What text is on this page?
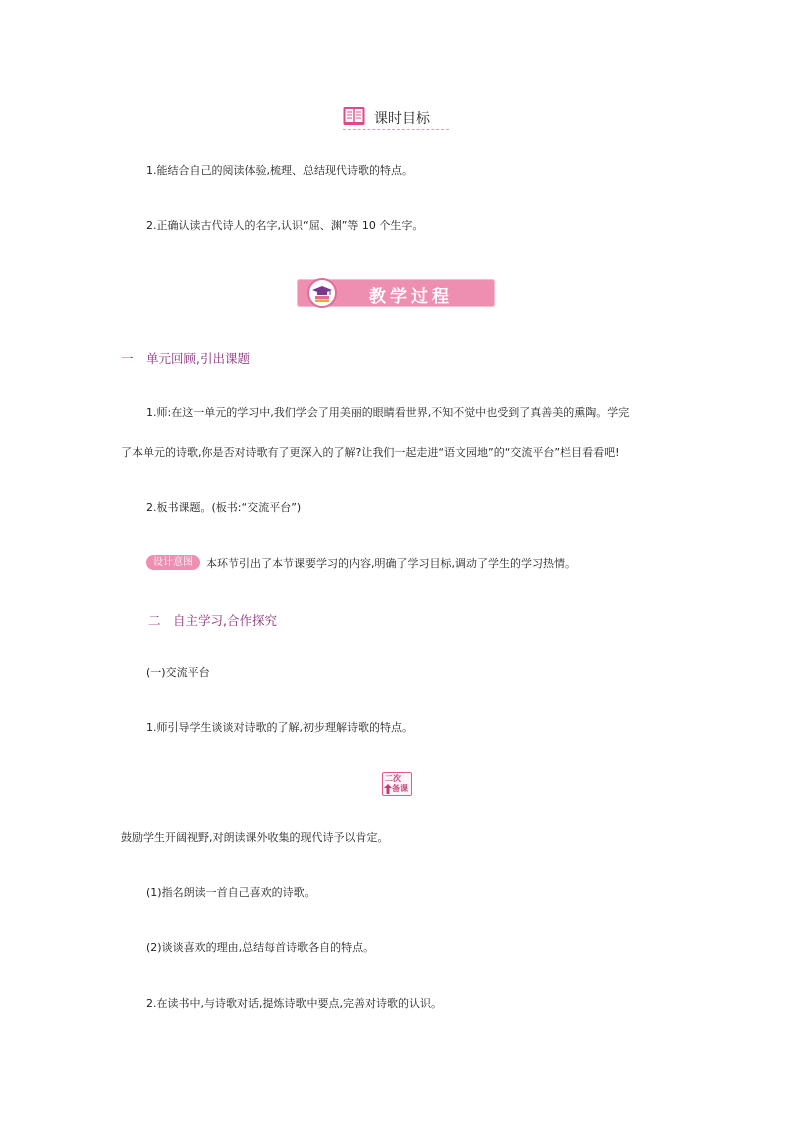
课时目标
1.能结合自己的阅读体验,梳理、总结现代诗歌的特点。
2.正确认读古代诗人的名字,认识“屈、渊”等 10 个生字。
教学过程
一　单元回顾,引出课题
1.师:在这一单元的学习中,我们学会了用美丽的眼睛看世界,不知不觉中也受到了真善美的熏陶。学完
了本单元的诗歌,你是否对诗歌有了更深入的了解?让我们一起走进“语文园地”的“交流平台”栏目看看吧!
2.板书课题。(板书:“交流平台”)
设计意图	本环节引出了本节课要学习的内容,明确了学习目标,调动了学生的学习热情。
二　自主学习,合作探究
(一)交流平台
1.师引导学生谈谈对诗歌的了解,初步理解诗歌的特点。
二次
备课
鼓励学生开阔视野,对朗读课外收集的现代诗予以肯定。
(1)指名朗读一首自己喜欢的诗歌。
(2)谈谈喜欢的理由,总结每首诗歌各自的特点。
2.在读书中,与诗歌对话,提炼诗歌中要点,完善对诗歌的认识。
